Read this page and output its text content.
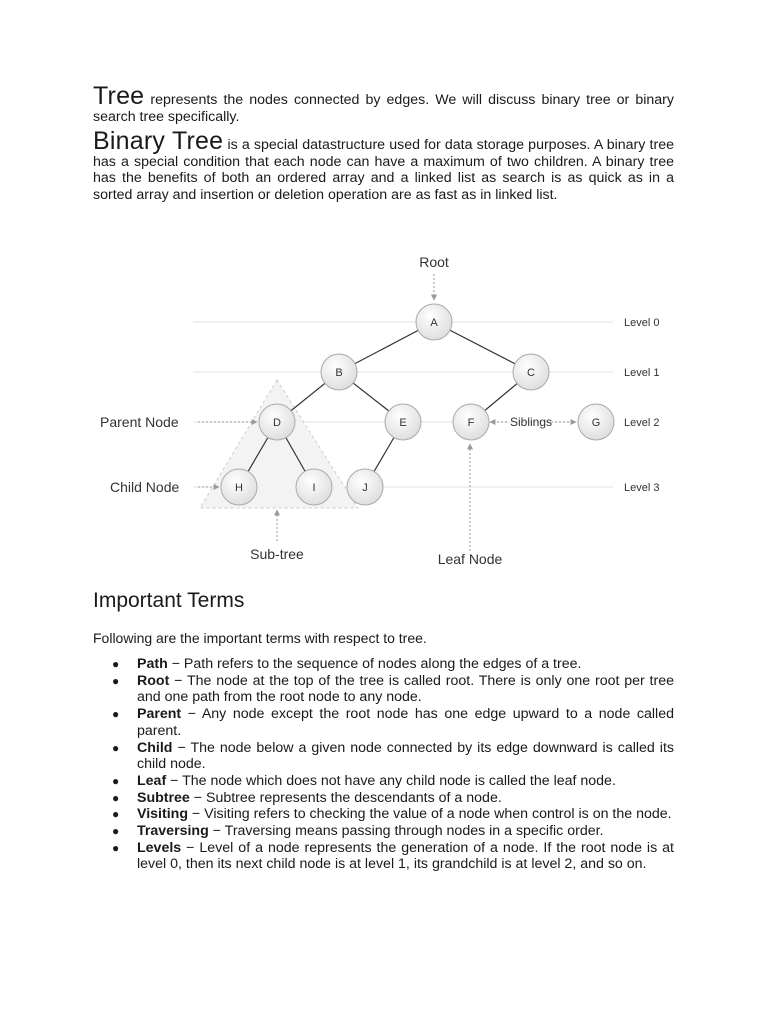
Tree represents the nodes connected by edges. We will discuss binary tree or binary search tree specifically.

Binary Tree is a special datastructure used for data storage purposes. A binary tree has a special condition that each node can have a maximum of two children. A binary tree has the benefits of both an ordered array and a linked list as search is as quick as in a sorted array and insertion or deletion operation are as fast as in linked list.

A
B	C
D	E	F	G
H	I	J
Root
Parent Node
Child Node
Siblings
Sub-tree	Leaf Node
Level 0
Level 1
Level 2
Level 3
Important Terms

Following are the important terms with respect to tree.

● Path − Path refers to the sequence of nodes along the edges of a tree.
● Root − The node at the top of the tree is called root. There is only one root per tree and one path from the root node to any node.
● Parent − Any node except the root node has one edge upward to a node called parent.
● Child − The node below a given node connected by its edge downward is called its child node.
● Leaf − The node which does not have any child node is called the leaf node.
● Subtree − Subtree represents the descendants of a node.
● Visiting − Visiting refers to checking the value of a node when control is on the node.
● Traversing − Traversing means passing through nodes in a specific order.
● Levels − Level of a node represents the generation of a node. If the root node is at level 0, then its next child node is at level 1, its grandchild is at level 2, and so on.
